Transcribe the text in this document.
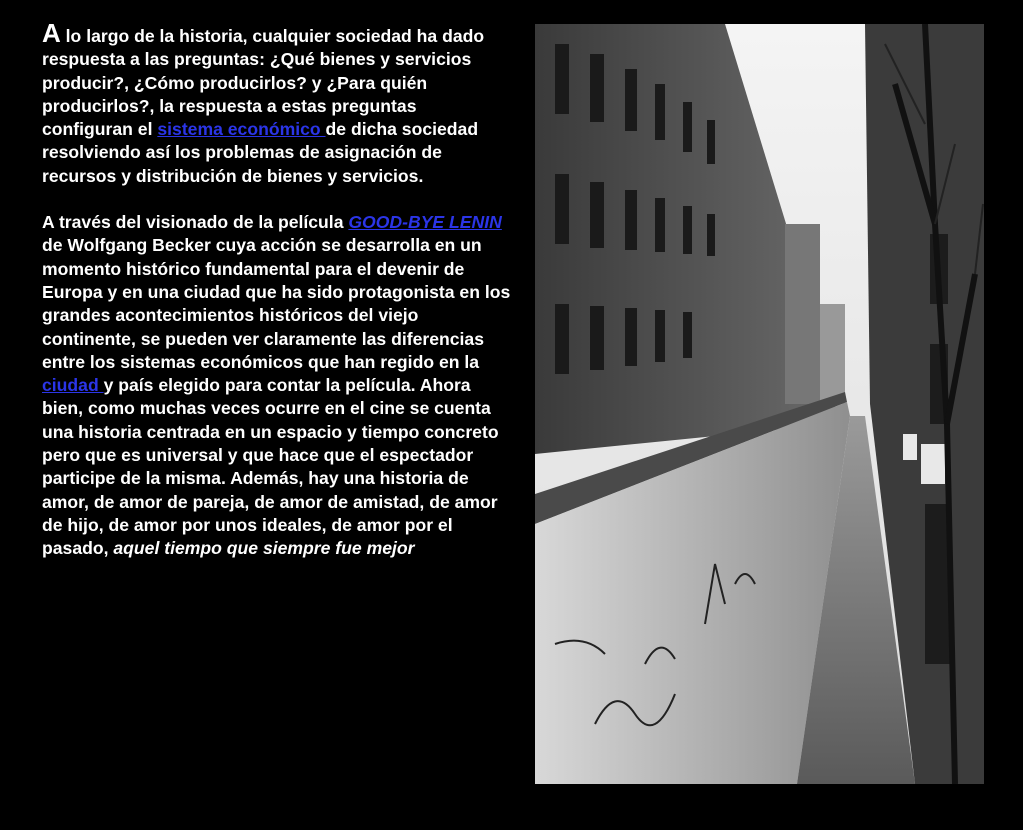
A lo largo de la historia, cualquier sociedad ha dado respuesta a las preguntas: ¿Qué bienes y servicios producir?, ¿Cómo producirlos? y ¿Para quién producirlos?, la respuesta a estas preguntas configuran el sistema económico de dicha sociedad resolviendo así los problemas de asignación de recursos y distribución de bienes y servicios.

A través del visionado de la película GOOD-BYE LENIN de Wolfgang Becker cuya acción se desarrolla en un momento histórico fundamental para el devenir de Europa y en una ciudad que ha sido protagonista en los grandes acontecimientos históricos del viejo continente, se pueden ver claramente las diferencias entre los sistemas económicos que han regido en la ciudad y país elegido para contar la película. Ahora bien, como muchas veces ocurre en el cine se cuenta una historia centrada en un espacio y tiempo concreto pero que es universal y que hace que el espectador participe de la misma. Además, hay una historia de amor, de amor de pareja, de amor de amistad, de amor de hijo, de amor por unos ideales, de amor por el pasado, aquel tiempo que siempre fue mejor
